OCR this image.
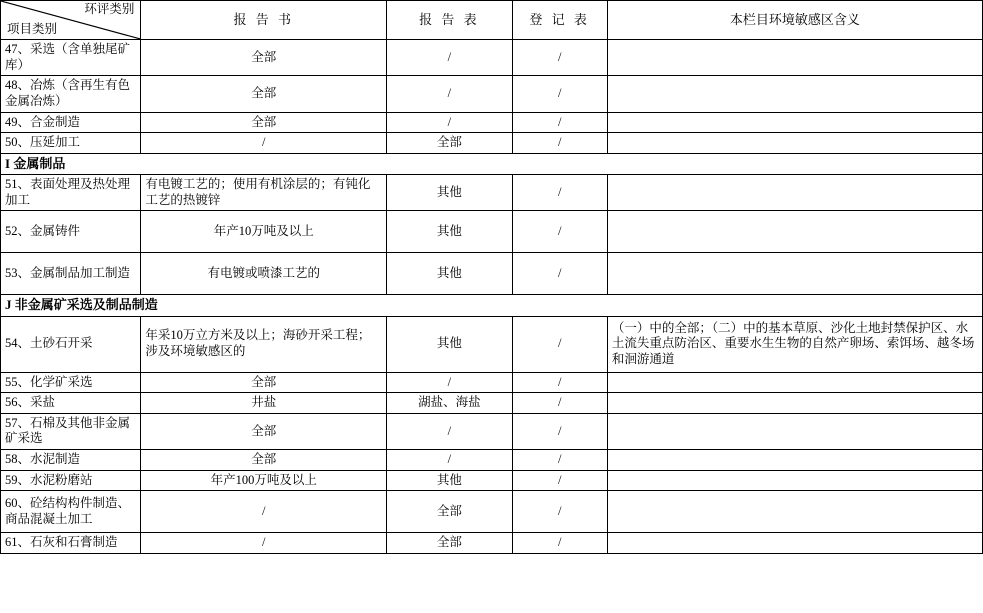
环评类别
项目类别	报 告 书	报 告 表	登 记 表	本栏目环境敏感区含义
47、采选（含单独尾矿库）	全部	/	/	
48、冶炼（含再生有色金属冶炼）	全部	/	/	
49、合金制造	全部	/	/	
50、压延加工	/	全部	/	
I 金属制品				
51、表面处理及热处理加工	有电镀工艺的；使用有机涂层的；有钝化工艺的热镀锌	其他	/	
52、金属铸件	年产10万吨及以上	其他	/	
53、金属制品加工制造	有电镀或喷漆工艺的	其他	/	
J 非金属矿采选及制品制造				
54、土砂石开采	年采10万立方米及以上；海砂开采工程；涉及环境敏感区的	其他	/	（一）中的全部；（二）中的基本草原、沙化土地封禁保护区、水土流失重点防治区、重要水生生物的自然产卵场、索饵场、越冬场和洄游通道
55、化学矿采选	全部	/	/	
56、采盐	井盐	湖盐、海盐	/	
57、石棉及其他非金属矿采选	全部	/	/	
58、水泥制造	全部	/	/	
59、水泥粉磨站	年产100万吨及以上	其他	/	
60、砼结构构件制造、商品混凝土加工	/	全部	/	
61、石灰和石膏制造	/	全部	/	
